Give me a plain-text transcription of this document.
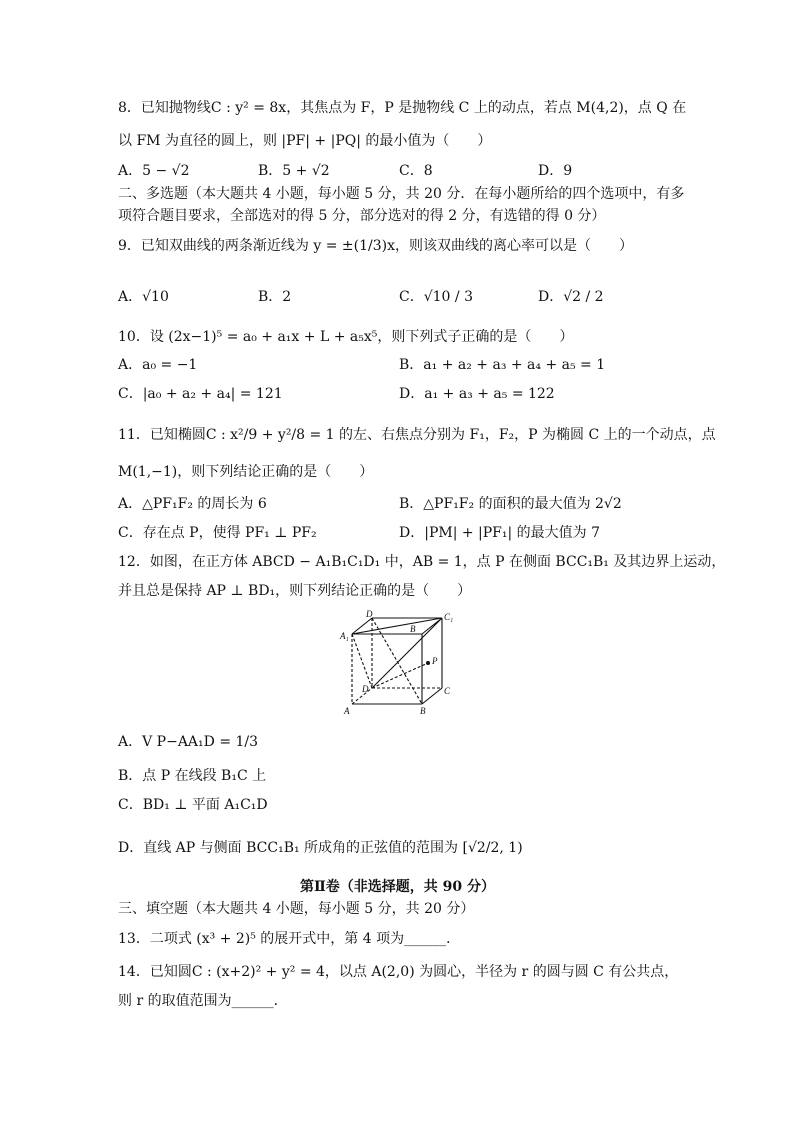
8．已知抛物线C : y² = 8x，其焦点为 F，P 是抛物线 C 上的动点，若点 M(4,2)，点 Q 在
以 FM 为直径的圆上，则 |PF| + |PQ| 的最小值为（　　）
A．5 − √2	B．5 + √2	C．8	D．9
二、多选题（本大题共 4 小题，每小题 5 分，共 20 分．在每小题所给的四个选项中，有多
项符合题目要求，全部选对的得 5 分，部分选对的得 2 分，有选错的得 0 分）
9．已知双曲线的两条渐近线为 y = ±(1/3)x，则该双曲线的离心率可以是（　　）
A．√10	B．2	C．√10 / 3	D．√2 / 2
10．设 (2x−1)⁵ = a₀ + a₁x + L + a₅x⁵，则下列式子正确的是（　　）
A．a₀ = −1	B．a₁ + a₂ + a₃ + a₄ + a₅ = 1
C．|a₀ + a₂ + a₄| = 121	D．a₁ + a₃ + a₅ = 122
11．已知椭圆C : x²/9 + y²/8 = 1 的左、右焦点分别为 F₁，F₂，P 为椭圆 C 上的一个动点，点
M(1,−1)，则下列结论正确的是（　　）
A．△PF₁F₂ 的周长为 6	B．△PF₁F₂ 的面积的最大值为 2√2
C．存在点 P，使得 PF₁ ⊥ PF₂	D．|PM| + |PF₁| 的最大值为 7
12．如图，在正方体 ABCD − A₁B₁C₁D₁ 中，AB = 1，点 P 在侧面 BCC₁B₁ 及其边界上运动，
并且总是保持 AP ⊥ BD₁，则下列结论正确的是（　　）
D	C₁
A₁
B
P
D	C
A	B
A．V P−AA₁D = 1/3
B．点 P 在线段 B₁C 上
C．BD₁ ⊥ 平面 A₁C₁D
D．直线 AP 与侧面 BCC₁B₁ 所成角的正弦值的范围为 [√2/2, 1)
第Ⅱ卷（非选择题，共 90 分）
三、填空题（本大题共 4 小题，每小题 5 分，共 20 分）
13．二项式 (x³ + 2)⁵ 的展开式中，第 4 项为______．
14．已知圆C : (x+2)² + y² = 4，以点 A(2,0) 为圆心，半径为 r 的圆与圆 C 有公共点，
则 r 的取值范围为______．
